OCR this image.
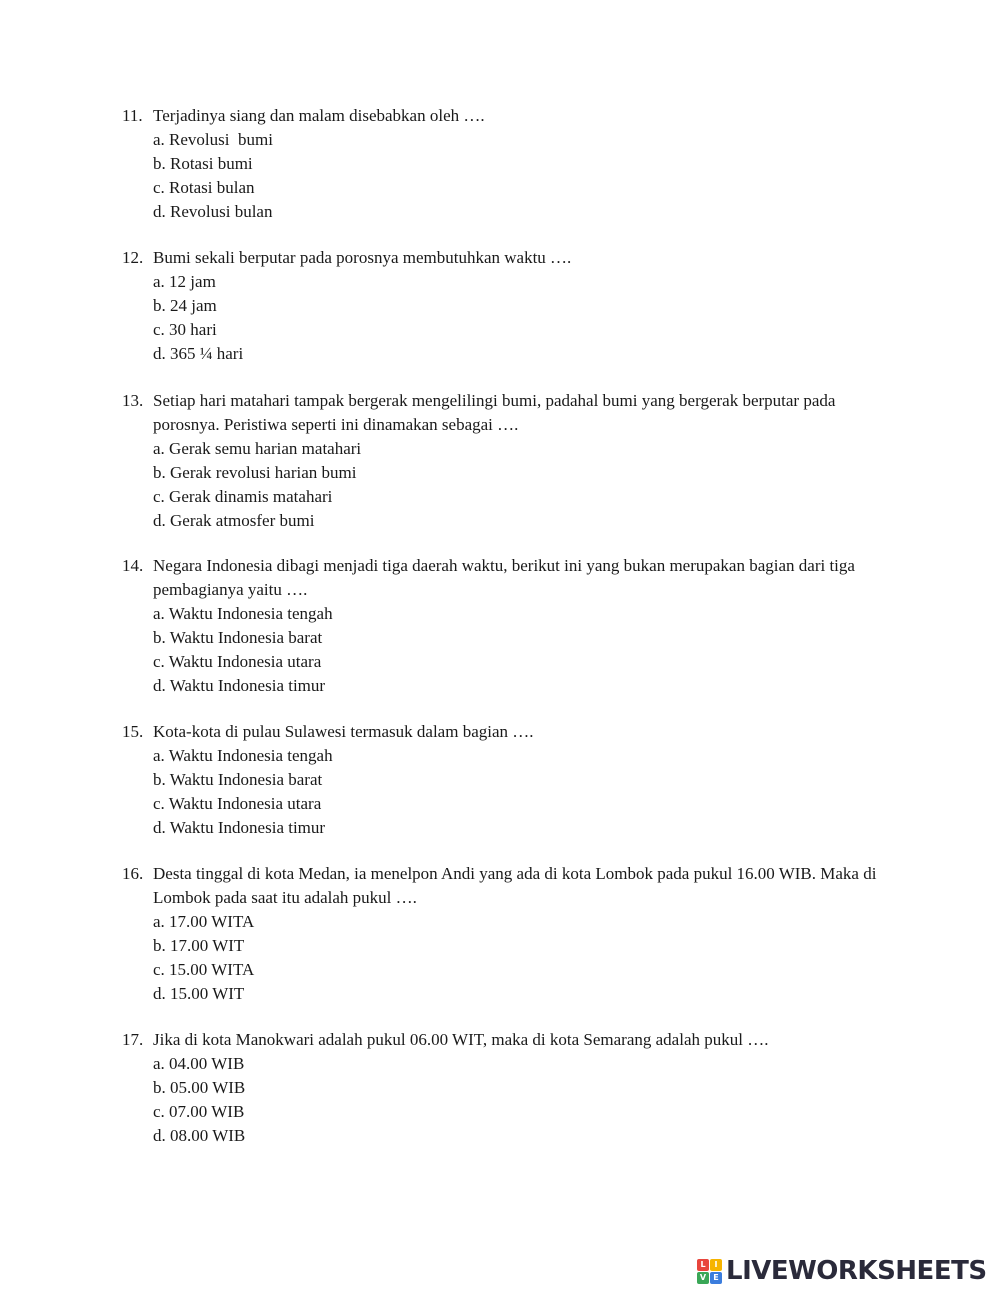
11. Terjadinya siang dan malam disebabkan oleh ….
a. Revolusi  bumi
b. Rotasi bumi
c. Rotasi bulan
d. Revolusi bulan
12. Bumi sekali berputar pada porosnya membutuhkan waktu ….
a. 12 jam
b. 24 jam
c. 30 hari
d. 365 ¼ hari
13. Setiap hari matahari tampak bergerak mengelilingi bumi, padahal bumi yang bergerak berputar pada porosnya. Peristiwa seperti ini dinamakan sebagai ….
a. Gerak semu harian matahari
b. Gerak revolusi harian bumi
c. Gerak dinamis matahari
d. Gerak atmosfer bumi
14. Negara Indonesia dibagi menjadi tiga daerah waktu, berikut ini yang bukan merupakan bagian dari tiga pembagianya yaitu ….
a. Waktu Indonesia tengah
b. Waktu Indonesia barat
c. Waktu Indonesia utara
d. Waktu Indonesia timur
15. Kota-kota di pulau Sulawesi termasuk dalam bagian ….
a. Waktu Indonesia tengah
b. Waktu Indonesia barat
c. Waktu Indonesia utara
d. Waktu Indonesia timur
16. Desta tinggal di kota Medan, ia menelpon Andi yang ada di kota Lombok pada pukul 16.00 WIB. Maka di Lombok pada saat itu adalah pukul ….
a. 17.00 WITA
b. 17.00 WIT
c. 15.00 WITA
d. 15.00 WIT
17. Jika di kota Manokwari adalah pukul 06.00 WIT, maka di kota Semarang adalah pukul ….
a. 04.00 WIB
b. 05.00 WIB
c. 07.00 WIB
d. 08.00 WIB
L	I
V E LIVEWORKSHEETS
